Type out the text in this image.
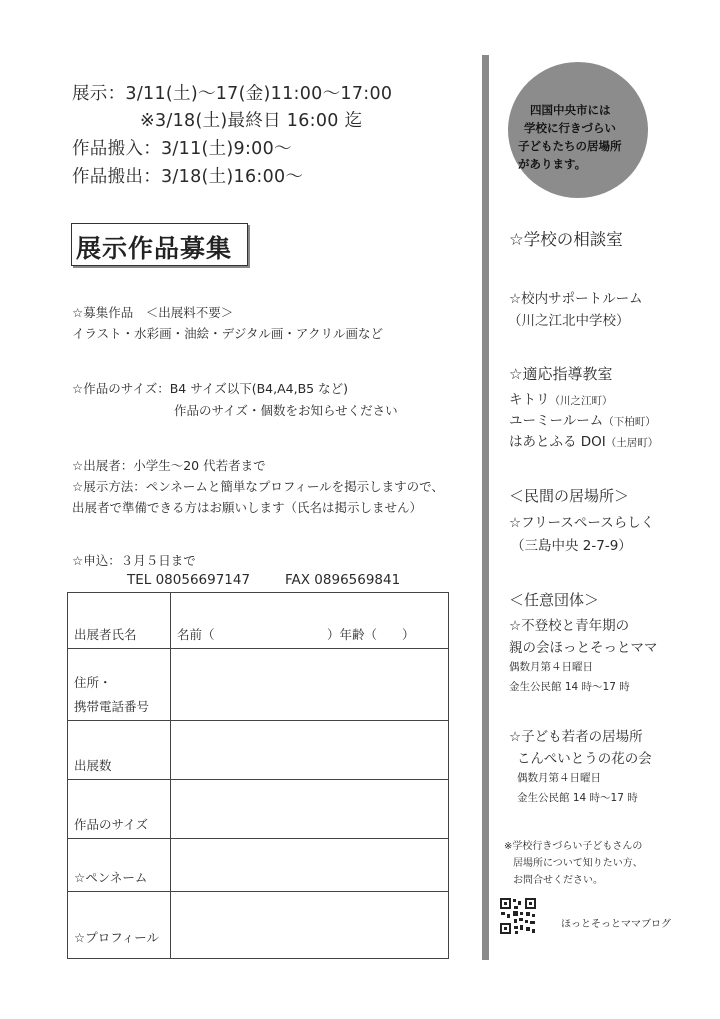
展示：3/11(土)～17(金)11:00～17:00
※3/18(土)最終日 16:00 迄
作品搬入：3/11(土)9:00～
作品搬出：3/18(土)16:00～
展示作品募集
☆募集作品　＜出展料不要＞
イラスト・水彩画・油絵・デジタル画・アクリル画など
☆作品のサイズ：B4 サイズ以下(B4,A4,B5 など)
作品のサイズ・個数をお知らせください
☆出展者：小学生～20 代若者まで
☆展示方法：ペンネームと簡単なプロフィールを掲示しますので、
出展者で準備できる方はお願いします（氏名は掲示しません）
☆申込：３月５日まで
TEL 08056697147	FAX 0896569841
出展者氏名	名前（　　　　　　　　　）年齢（　　）

住所・
携帯電話番号	

出展数	
作品のサイズ	
☆ペンネーム	
☆プロフィール	
四国中央市には
学校に行きづらい
子どもたちの居場所
があります。
☆学校の相談室
☆校内サポートルーム
（川之江北中学校）
☆適応指導教室
キトリ（川之江町）
ユーミールーム（下柏町）
はあとふる DOI（土居町）
＜民間の居場所＞
☆フリースペースらしく
（三島中央 2-7-9）
＜任意団体＞
☆不登校と青年期の
親の会ほっとそっとママ
偶数月第４日曜日
金生公民館 14 時～17 時
☆子ども若者の居場所
こんぺいとうの花の会
偶数月第４日曜日
金生公民館 14 時～17 時
※学校行きづらい子どもさんの
居場所について知りたい方、
お問合せください。
ほっとそっとママブログ
